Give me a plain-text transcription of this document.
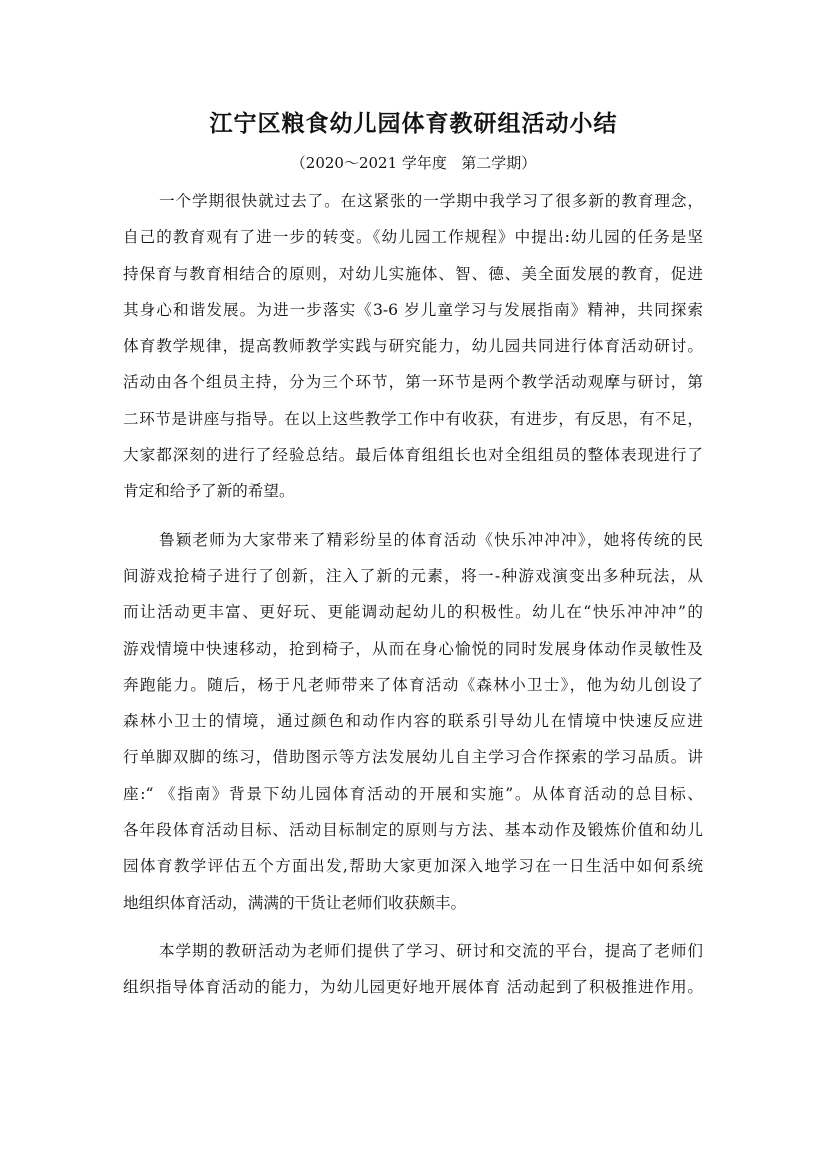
江宁区粮食幼儿园体育教研组活动小结
（2020～2021 学年度   第二学期）
一个学期很快就过去了。在这紧张的一学期中我学习了很多新的教育理念，
自己的教育观有了进一步的转变。《幼儿园工作规程》中提出:幼儿园的任务是坚
持保育与教育相结合的原则，对幼儿实施体、智、德、美全面发展的教育，促进
其身心和谐发展。为进一步落实《3-6 岁儿童学习与发展指南》精神，共同探索
体育教学规律，提高教师教学实践与研究能力，幼儿园共同进行体育活动研讨。
活动由各个组员主持，分为三个环节，第一环节是两个教学活动观摩与研讨，第
二环节是讲座与指导。在以上这些教学工作中有收获，有进步，有反思，有不足，
大家都深刻的进行了经验总结。最后体育组组长也对全组组员的整体表现进行了
肯定和给予了新的希望。
鲁颖老师为大家带来了精彩纷呈的体育活动《快乐冲冲冲》，她将传统的民
间游戏抢椅子进行了创新，注入了新的元素，将一-种游戏演变出多种玩法，从
而让活动更丰富、更好玩、更能调动起幼儿的积极性。幼儿在“快乐冲冲冲”的
游戏情境中快速移动，抢到椅子，从而在身心愉悦的同时发展身体动作灵敏性及
奔跑能力。随后，杨于凡老师带来了体育活动《森林小卫士》，他为幼儿创设了
森林小卫士的情境，通过颜色和动作内容的联系引导幼儿在情境中快速反应进
行单脚双脚的练习，借助图示等方法发展幼儿自主学习合作探索的学习品质。讲
座:“ 《指南》背景下幼儿园体育活动的开展和实施”。从体育活动的总目标、
各年段体育活动目标、活动目标制定的原则与方法、基本动作及锻炼价值和幼儿
园体育教学评估五个方面出发,帮助大家更加深入地学习在一日生活中如何系统
地组织体育活动，满满的干货让老师们收获颇丰。
本学期的教研活动为老师们提供了学习、研讨和交流的平台，提高了老师们
组织指导体育活动的能力，为幼儿园更好地开展体育 活动起到了积极推进作用。
